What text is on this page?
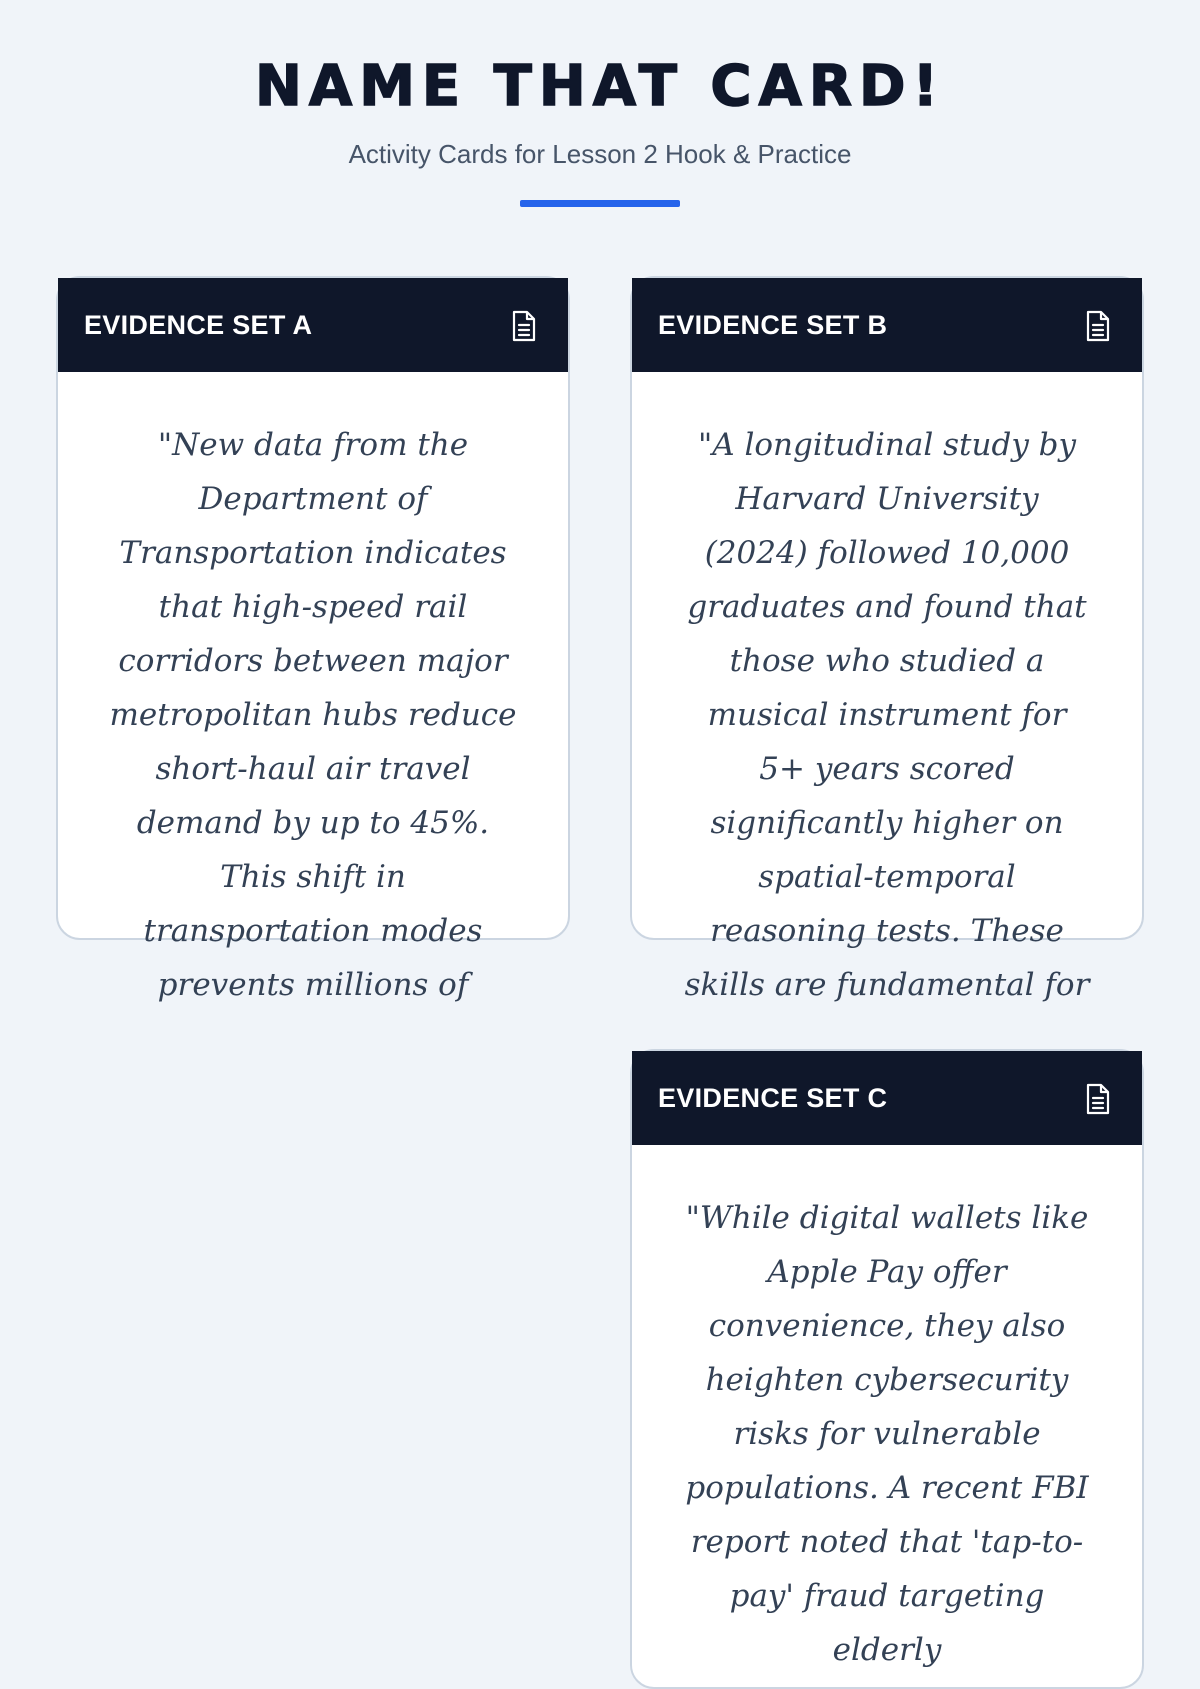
NAME THAT CARD!
Activity Cards for Lesson 2 Hook & Practice
EVIDENCE SET A

"New data from the Department of Transportation indicates that high-speed rail corridors between major metropolitan hubs reduce short-haul air travel demand by up to 45%. This shift in transportation modes prevents millions of

EVIDENCE SET B

"A longitudinal study by Harvard University (2024) followed 10,000 graduates and found that those who studied a musical instrument for 5+ years scored significantly higher on spatial-temporal reasoning tests. These skills are fundamental for

EVIDENCE SET C

"While digital wallets like Apple Pay offer convenience, they also heighten cybersecurity risks for vulnerable populations. A recent FBI report noted that 'tap-to-pay' fraud targeting elderly
